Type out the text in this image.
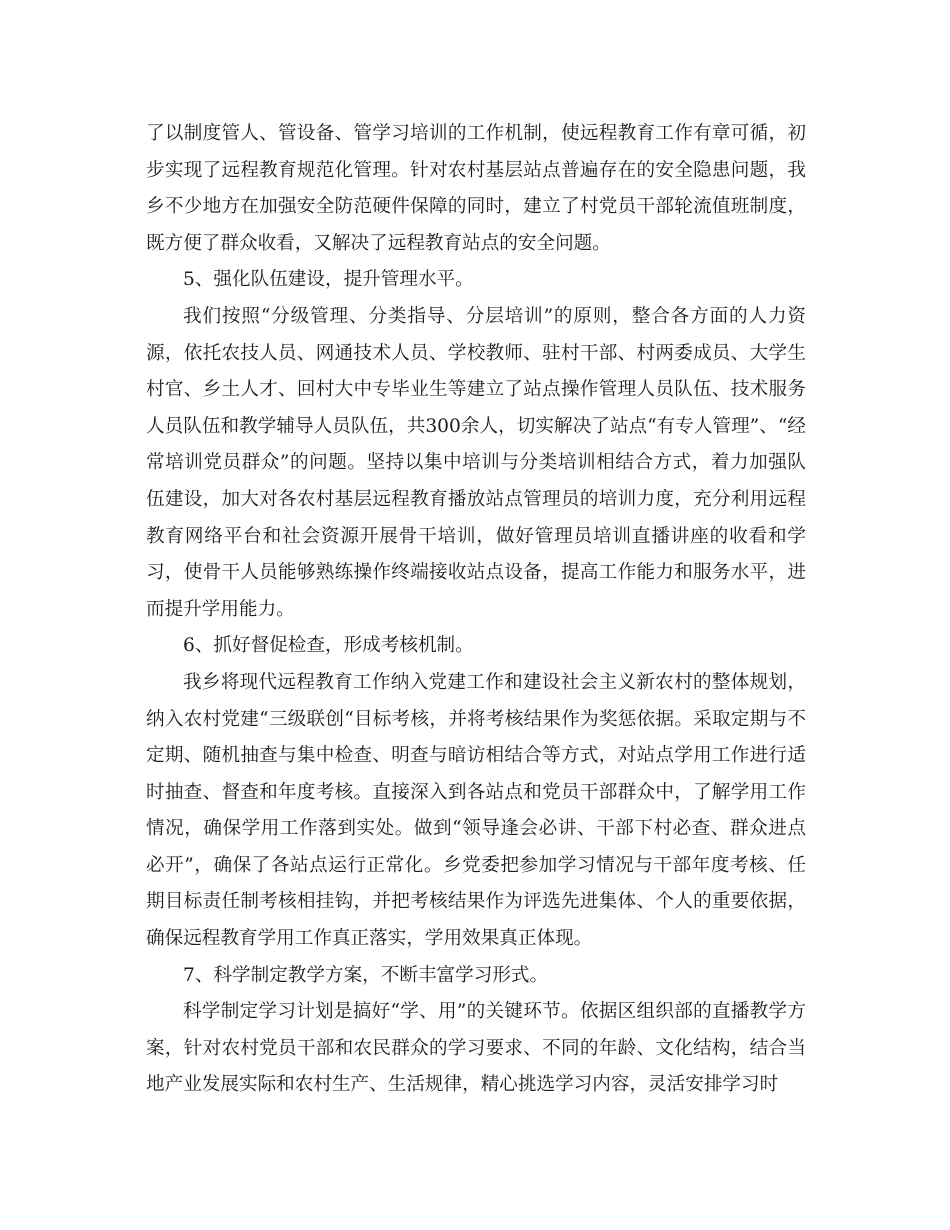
了以制度管人、管设备、管学习培训的工作机制，使远程教育工作有章可循，初步实现了远程教育规范化管理。针对农村基层站点普遍存在的安全隐患问题，我乡不少地方在加强安全防范硬件保障的同时，建立了村党员干部轮流值班制度，既方便了群众收看，又解决了远程教育站点的安全问题。

5、强化队伍建设，提升管理水平。

我们按照“分级管理、分类指导、分层培训”的原则，整合各方面的人力资源，依托农技人员、网通技术人员、学校教师、驻村干部、村两委成员、大学生村官、乡土人才、回村大中专毕业生等建立了站点操作管理人员队伍、技术服务人员队伍和教学辅导人员队伍，共300余人，切实解决了站点“有专人管理”、“经常培训党员群众”的问题。坚持以集中培训与分类培训相结合方式，着力加强队伍建设，加大对各农村基层远程教育播放站点管理员的培训力度，充分利用远程教育网络平台和社会资源开展骨干培训，做好管理员培训直播讲座的收看和学习，使骨干人员能够熟练操作终端接收站点设备，提高工作能力和服务水平，进而提升学用能力。

6、抓好督促检查，形成考核机制。

我乡将现代远程教育工作纳入党建工作和建设社会主义新农村的整体规划，纳入农村党建“三级联创“目标考核，并将考核结果作为奖惩依据。采取定期与不定期、随机抽查与集中检查、明查与暗访相结合等方式，对站点学用工作进行适时抽查、督查和年度考核。直接深入到各站点和党员干部群众中，了解学用工作情况，确保学用工作落到实处。做到“领导逢会必讲、干部下村必查、群众进点必开”，确保了各站点运行正常化。乡党委把参加学习情况与干部年度考核、任期目标责任制考核相挂钩，并把考核结果作为评选先进集体、个人的重要依据，确保远程教育学用工作真正落实，学用效果真正体现。

7、科学制定教学方案，不断丰富学习形式。

科学制定学习计划是搞好“学、用”的关键环节。依据区组织部的直播教学方案，针对农村党员干部和农民群众的学习要求、不同的年龄、文化结构，结合当地产业发展实际和农村生产、生活规律，精心挑选学习内容，灵活安排学习时
